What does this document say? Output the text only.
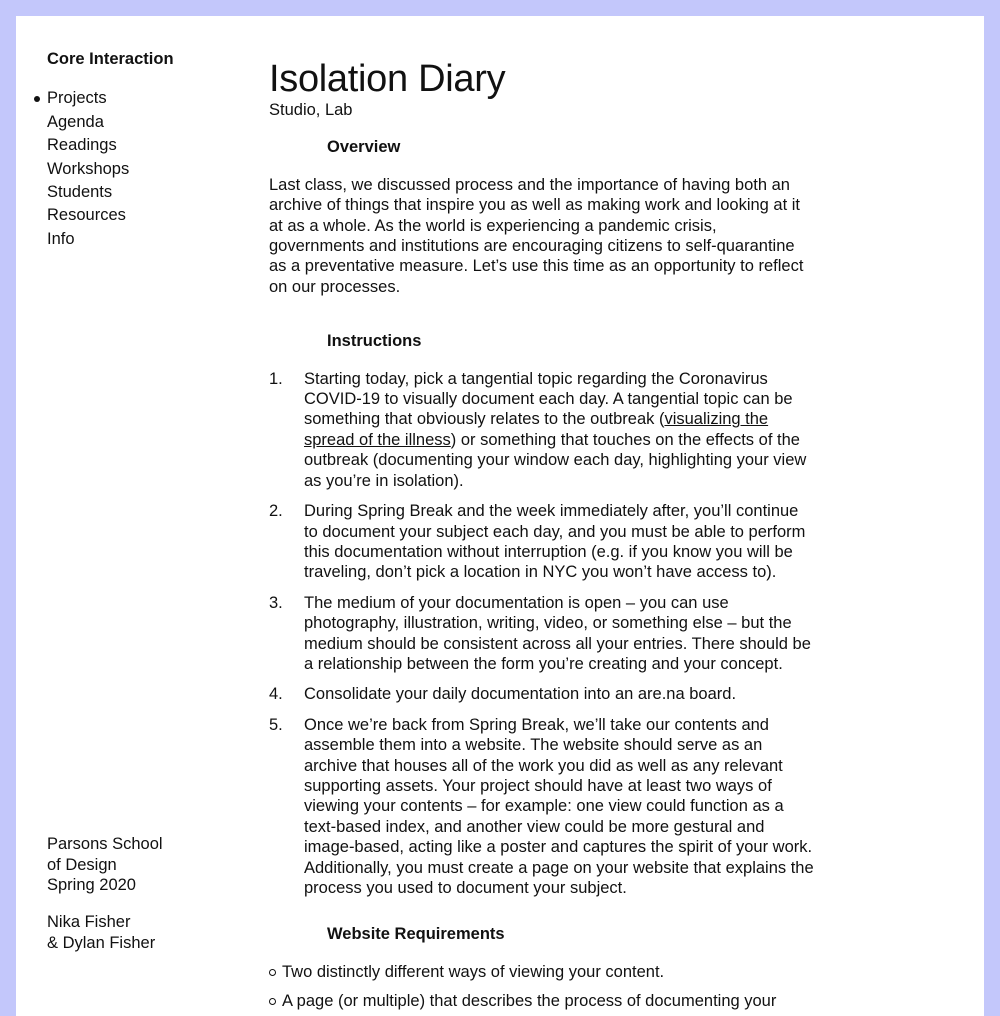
Core Interaction
Projects
Agenda
Readings
Workshops
Students
Resources
Info
Parsons School
of Design
Spring 2020
Nika Fisher
& Dylan Fisher
Isolation Diary

Studio, Lab

Overview

Last class, we discussed process and the importance of having both an archive of things that inspire you as well as making work and looking at it at as a whole. As the world is experiencing a pandemic crisis, governments and institutions are encouraging citizens to self-quarantine as a preventative measure. Let’s use this time as an opportunity to reflect on our processes.

Instructions
1. Starting today, pick a tangential topic regarding the Coronavirus COVID-19 to visually document each day. A tangential topic can be something that obviously relates to the outbreak (visualizing the spread of the illness) or something that touches on the effects of the outbreak (documenting your window each day, highlighting your view as you’re in isolation).
2. During Spring Break and the week immediately after, you’ll continue to document your subject each day, and you must be able to perform this documentation without interruption (e.g. if you know you will be traveling, don’t pick a location in NYC you won’t have access to).
3. The medium of your documentation is open – you can use photography, illustration, writing, video, or something else – but the medium should be consistent across all your entries. There should be a relationship between the form you’re creating and your concept.
4. Consolidate your daily documentation into an are.na board.
5. Once we’re back from Spring Break, we’ll take our contents and assemble them into a website. The website should serve as an archive that houses all of the work you did as well as any relevant supporting assets. Your project should have at least two ways of viewing your contents – for example: one view could function as a text-based index, and another view could be more gestural and image-based, acting like a poster and captures the spirit of your work. Additionally, you must create a page on your website that explains the process you used to document your subject.
Website Requirements
Two distinctly different ways of viewing your content.
A page (or multiple) that describes the process of documenting your
